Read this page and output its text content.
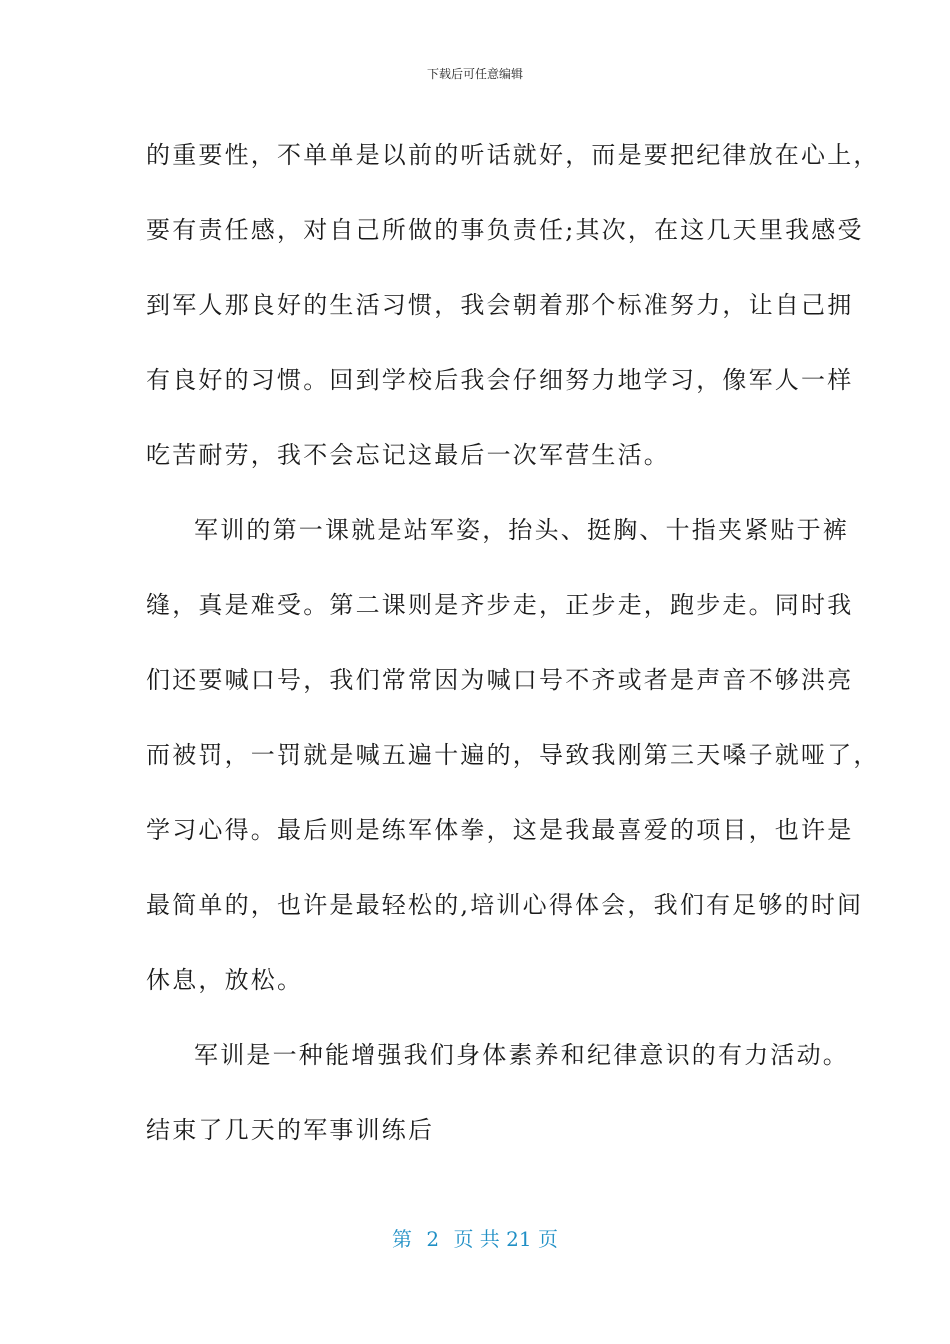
下载后可任意编辑
的重要性，不单单是以前的听话就好，而是要把纪律放在心上，
要有责任感，对自己所做的事负责任;其次，在这几天里我感受
到军人那良好的生活习惯，我会朝着那个标准努力，让自己拥
有良好的习惯。回到学校后我会仔细努力地学习，像军人一样
吃苦耐劳，我不会忘记这最后一次军营生活。
军训的第一课就是站军姿，抬头、挺胸、十指夹紧贴于裤
缝，真是难受。第二课则是齐步走，正步走，跑步走。同时我
们还要喊口号，我们常常因为喊口号不齐或者是声音不够洪亮
而被罚，一罚就是喊五遍十遍的，导致我刚第三天嗓子就哑了，
学习心得。最后则是练军体拳，这是我最喜爱的项目，也许是
最简单的，也许是最轻松的,培训心得体会，我们有足够的时间
休息，放松。
军训是一种能增强我们身体素养和纪律意识的有力活动。
结束了几天的军事训练后
第 2 页 共 21 页
